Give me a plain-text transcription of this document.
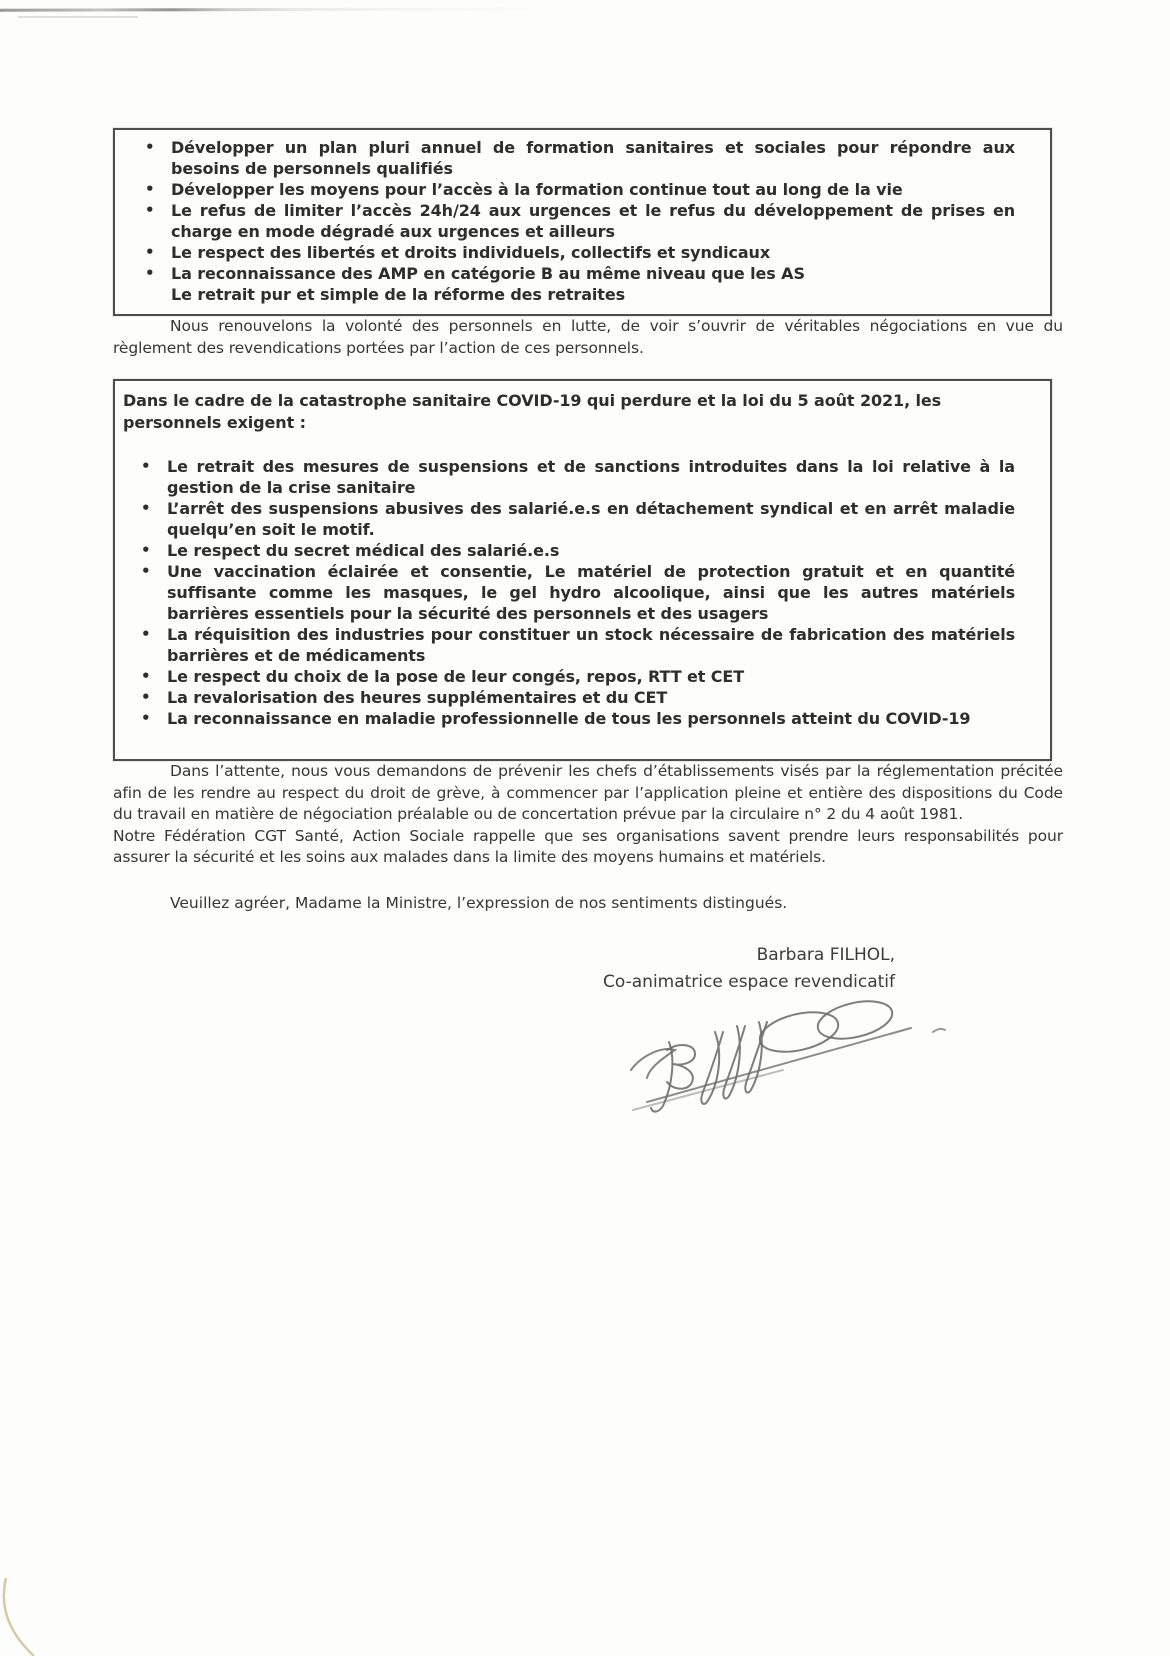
• Développer un plan pluri annuel de formation sanitaires et sociales pour répondre aux besoins de personnels qualifiés
• Développer les moyens pour l’accès à la formation continue tout au long de la vie
• Le refus de limiter l’accès 24h/24 aux urgences et le refus du développement de prises en charge en mode dégradé aux urgences et ailleurs
• Le respect des libertés et droits individuels, collectifs et syndicaux
• La reconnaissance des AMP en catégorie B au même niveau que les AS
Le retrait pur et simple de la réforme des retraites

Nous renouvelons la volonté des personnels en lutte, de voir s’ouvrir de véritables négociations en vue du règlement des revendications portées par l’action de ces personnels.

Dans le cadre de la catastrophe sanitaire COVID-19 qui perdure et la loi du 5 août 2021, les personnels exigent :
• Le retrait des mesures de suspensions et de sanctions introduites dans la loi relative à la gestion de la crise sanitaire
• L’arrêt des suspensions abusives des salarié.e.s en détachement syndical et en arrêt maladie quelqu’en soit le motif.
• Le respect du secret médical des salarié.e.s
• Une vaccination éclairée et consentie, Le matériel de protection gratuit et en quantité suffisante comme les masques, le gel hydro alcoolique, ainsi que les autres matériels barrières essentiels pour la sécurité des personnels et des usagers
• La réquisition des industries pour constituer un stock nécessaire de fabrication des matériels barrières et de médicaments
• Le respect du choix de la pose de leur congés, repos, RTT et CET
• La revalorisation des heures supplémentaires et du CET
• La reconnaissance en maladie professionnelle de tous les personnels atteint du COVID-19

Dans l’attente, nous vous demandons de prévenir les chefs d’établissements visés par la réglementation précitée afin de les rendre au respect du droit de grève, à commencer par l’application pleine et entière des dispositions du Code du travail en matière de négociation préalable ou de concertation prévue par la circulaire n° 2 du 4 août 1981.

Notre Fédération CGT Santé, Action Sociale rappelle que ses organisations savent prendre leurs responsabilités pour assurer la sécurité et les soins aux malades dans la limite des moyens humains et matériels.

Veuillez agréer, Madame la Ministre, l’expression de nos sentiments distingués.

Barbara FILHOL,
Co-animatrice espace revendicatif
